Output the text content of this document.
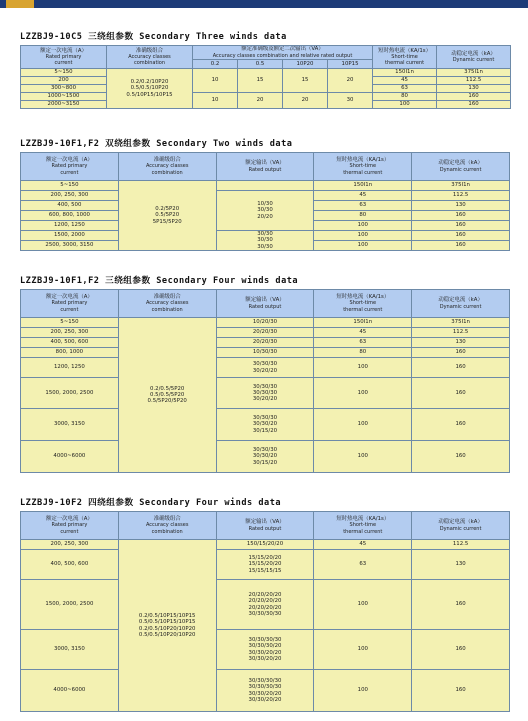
LZZBJ9-10C5 三绕组参数 Secondary Three winds data
额定一次电流（A）
Rated primary
current	准确级组合
Accuracy classes
combination	额定准确级及额定二次输出（VA）
Accuracy classes combination and relative rated output				短时热电流（KA/1s）
Short-time
thermal current	动稳定电流（kA）
Dynamic current

		0.2	0.5	10P20	10P15		
5~150	0.2/0.2/10P20
0.5/0.5/10P20
0.5/10P15/10P15	10	15	15	20	150I1n	375I1n
200						45	112.5
300~800						63	130
1000~1500		10	20	20	30	80	160
2000~3150						100	160
LZZBJ9-10F1,F2 双绕组参数 Secondary Two winds data
额定一次电流（A）
Rated primary
current	准确级组合
Accuracy classes
combination	额定输出（VA）
Rated output	短时热电流（KA/1s）
Short-time
thermal current	动稳定电流（kA）
Dynamic current

5~150	0.2/5P20
0.5/5P20
5P15/5P20		150I1n	375I1n
200, 250, 300		10/30
30/30
20/20	45	112.5
400, 500			63	130
600, 800, 1000			80	160
1200, 1250			100	160
1500, 2000		30/30
30/30
30/30	100	160
2500, 3000, 3150			100	160
LZZBJ9-10F1,F2 三绕组参数 Secondary Four winds data
额定一次电流（A）
Rated primary
current	准确级组合
Accuracy classes
combination	额定输出（VA）
Rated output	短时热电流（KA/1s）
Short-time
thermal current	动稳定电流（kA）
Dynamic current

5~150	0.2/0.5/5P20
0.5/0.5/5P20
0.5/5P20/5P20	10/20/30	150I1n	375I1n
200, 250, 300		20/20/30	45	112.5
400, 500, 600		20/20/30	63	130
800, 1000		10/30/30	80	160
1200, 1250		30/30/30
30/20/20	100	160
1500, 2000, 2500		30/30/30
30/30/30
30/20/20	100	160
3000, 3150		30/30/30
30/30/20
30/15/20	100	160
4000~6000		30/30/30
30/30/20
30/15/20	100	160
LZZBJ9-10F2 四绕组参数 Secondary Four winds data
额定一次电流（A）
Rated primary
current	准确级组合
Accuracy classes
combination	额定输出（VA）
Rated output	短时热电流（KA/1s）
Short-time
thermal current	动稳定电流（kA）
Dynamic current

200, 250, 300	0.2/0.5/10P15/10P15
0.5/0.5/10P15/10P15
0.2/0.5/10P20/10P20
0.5/0.5/10P20/10P20	150/15/20/20	45	112.5
400, 500, 600		15/15/20/20
15/15/20/20
15/15/15/15	63	130
1500, 2000, 2500		20/20/20/20
20/20/20/20
20/20/20/20
30/30/30/30	100	160
3000, 3150		30/30/30/30
30/30/30/20
30/30/20/20
30/30/20/20	100	160
4000~6000		30/30/30/30
30/30/30/30
30/30/20/20
30/30/20/20	100	160
